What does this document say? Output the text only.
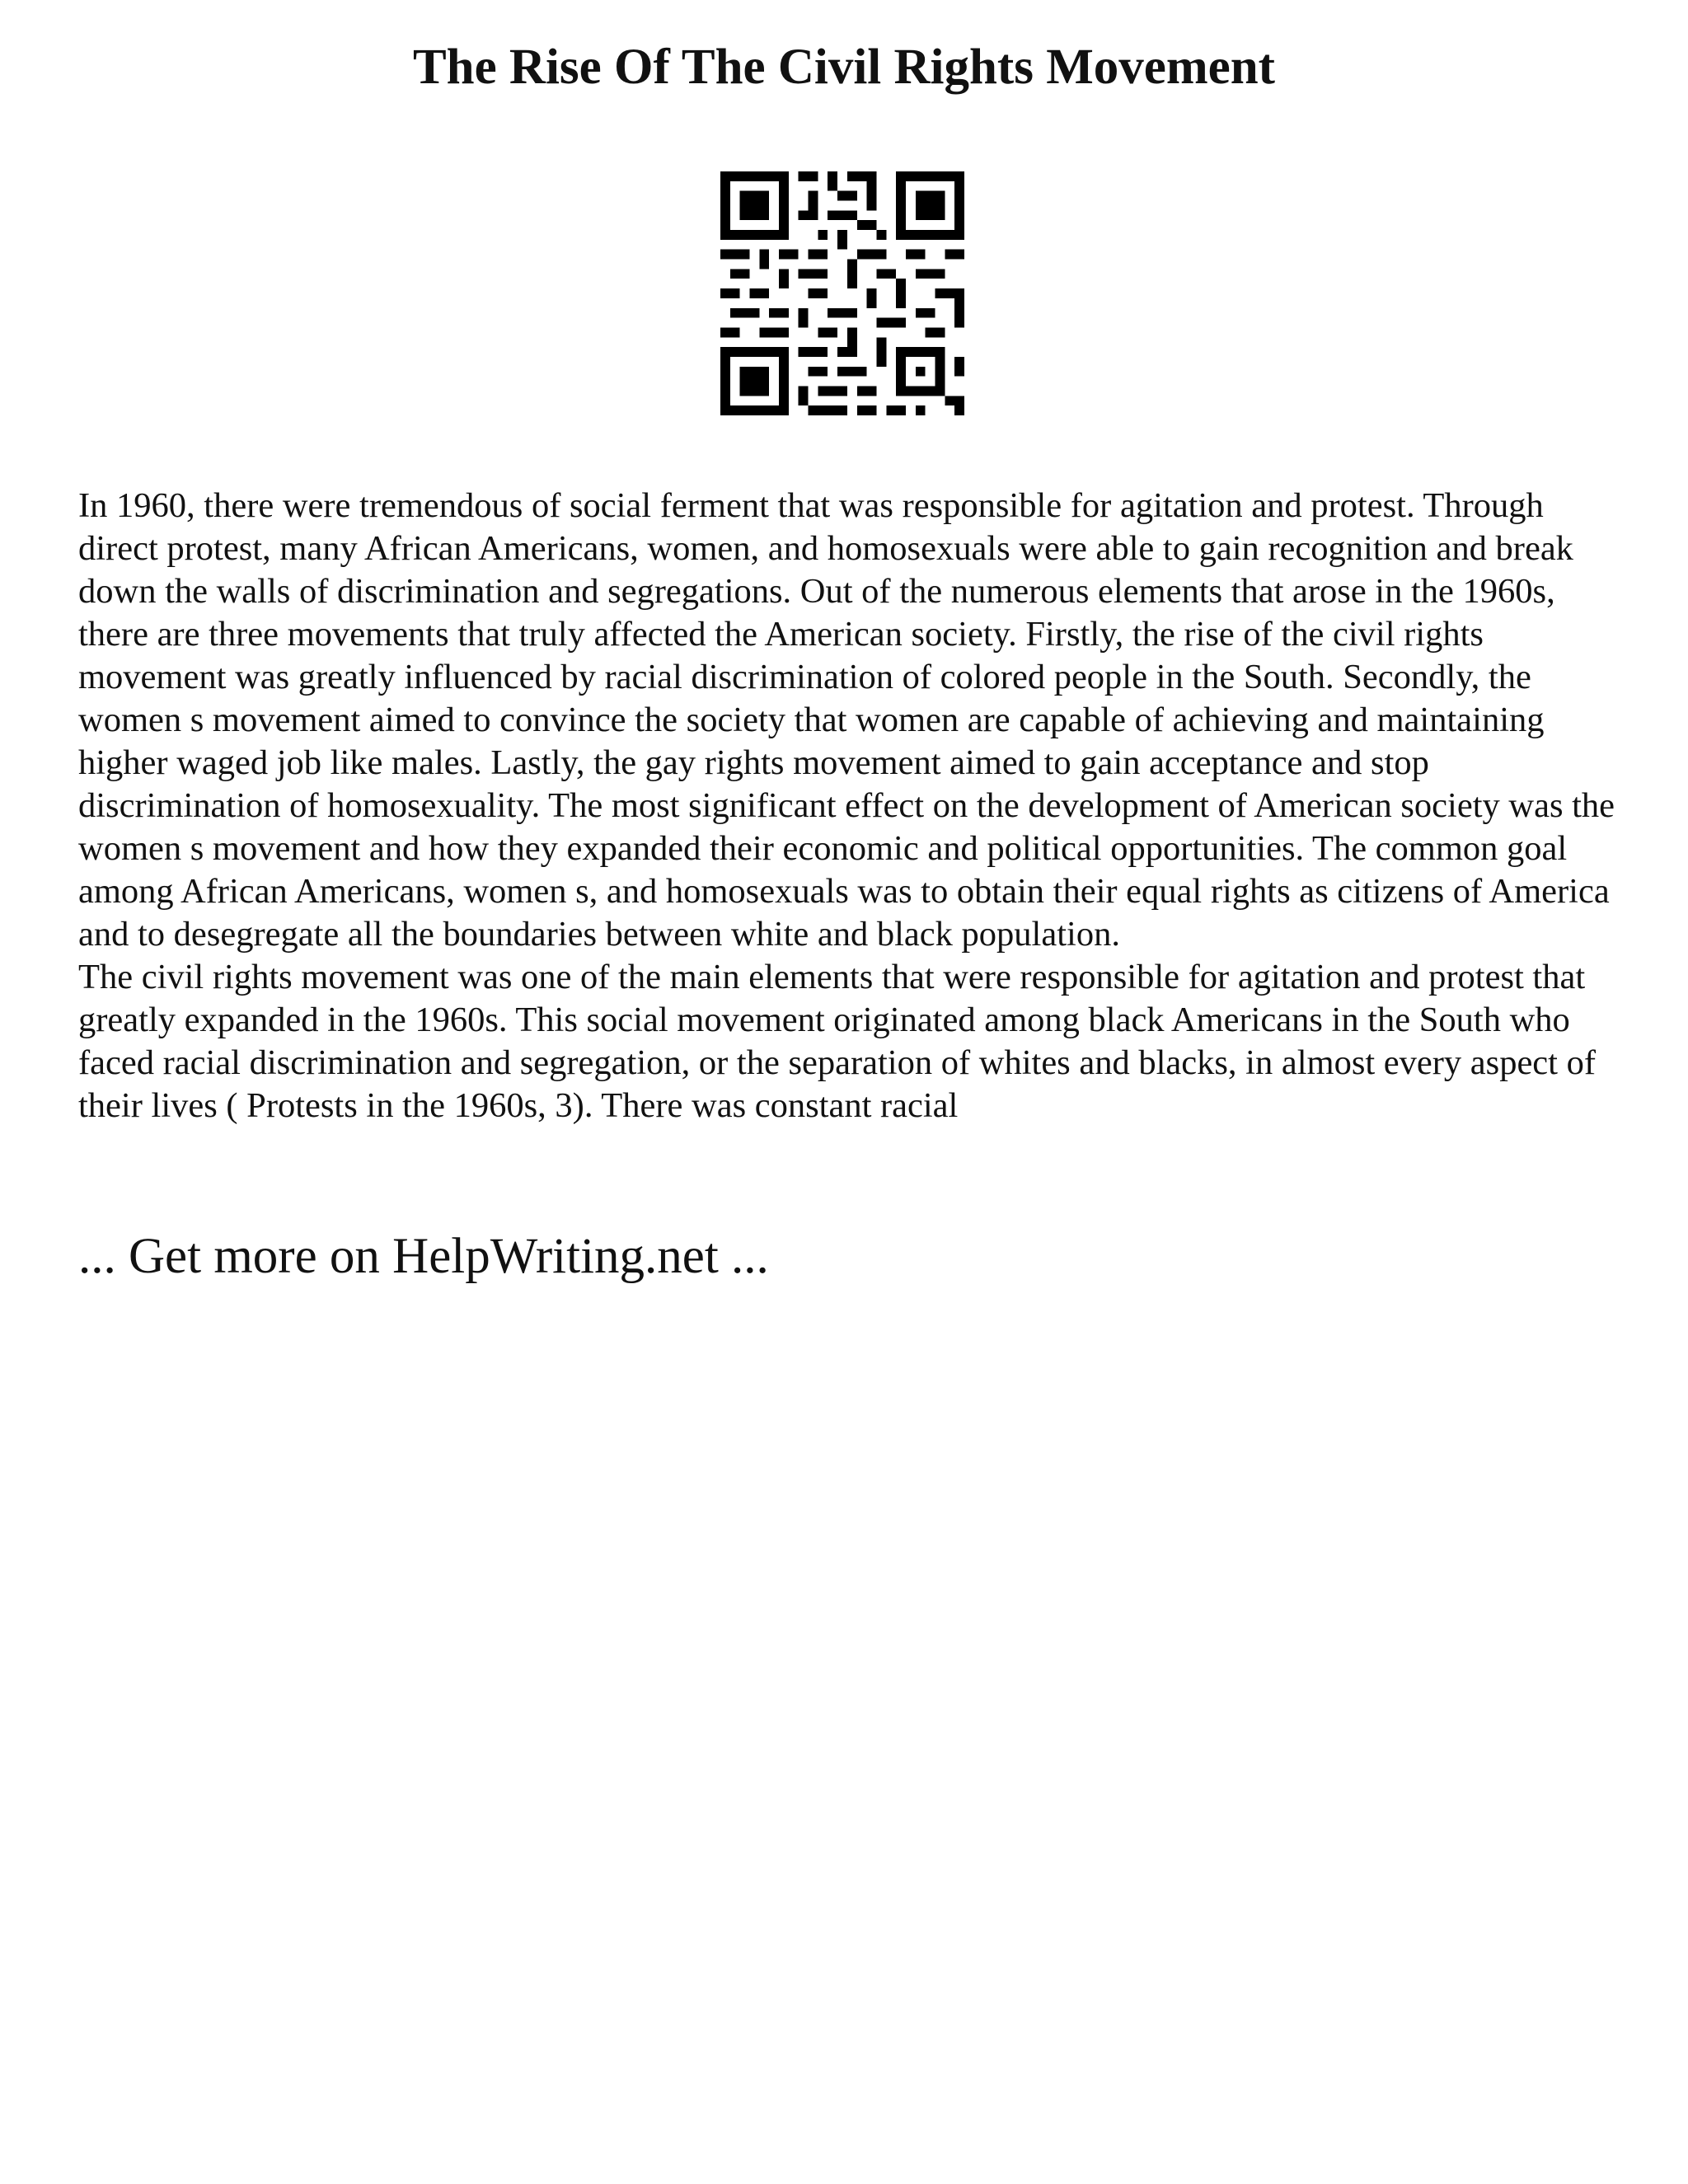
The Rise Of The Civil Rights Movement

In 1960, there were tremendous of social ferment that was responsible for agitation and protest. Through direct protest, many African Americans, women, and homosexuals were able to gain recognition and break down the walls of discrimination and segregations. Out of the numerous elements that arose in the 1960s, there are three movements that truly affected the American society. Firstly, the rise of the civil rights movement was greatly influenced by racial discrimination of colored people in the South. Secondly, the women s movement aimed to convince the society that women are capable of achieving and maintaining higher waged job like males. Lastly, the gay rights movement aimed to gain acceptance and stop discrimination of homosexuality. The most significant effect on the development of American society was the women s movement and how they expanded their economic and political opportunities. The common goal among African Americans, women s, and homosexuals was to obtain their equal rights as citizens of America and to desegregate all the boundaries between white and black population.

The civil rights movement was one of the main elements that were responsible for agitation and protest that greatly expanded in the 1960s. This social movement originated among black Americans in the South who faced racial discrimination and segregation, or the separation of whites and blacks, in almost every aspect of their lives ( Protests in the 1960s, 3). There was constant racial

... Get more on HelpWriting.net ...
